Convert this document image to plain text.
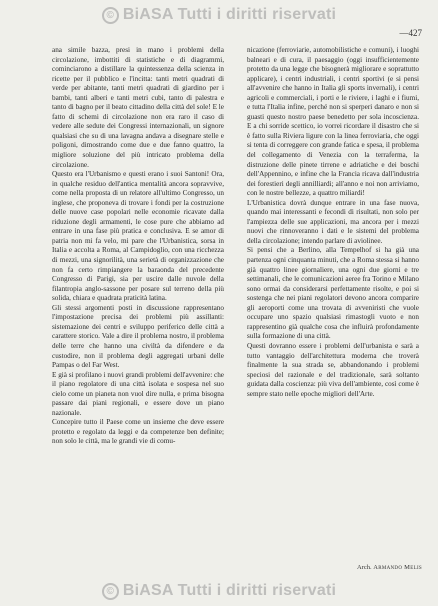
© BiASA Tutti i diritti riservati
—427

ana simile bazza, presi in mano i problemi della circolazione, imbottiti di statistiche e di diagrammi, cominciarono a distillare la quintessenza della scienza in ricette per il pubblico e l'incitta: tanti metri quadrati di verde per abitante, tanti metri quadrati di giardino per i bambi, tanti alberi e tanti metri cubi, tanto di palestra e tanto di bagno per il beato cittadino della città del sole! E le fatto di schemi di circolazione non era raro il caso di vedere alle sedute dei Congressi internazionali, un signore qualsiasi che su di una lavagna andava a disegnare stelle e poligoni, dimostrando come due e due fanno quattro, la migliore soluzione del più intricato problema della circolazione.

Questo era l'Urbanismo e questi erano i suoi Santoni! Ora, in qualche residuo dell'antica mentalità ancora sopravvive, come nella proposta di un relatore all'ultimo Congresso, un inglese, che proponeva di trovare i fondi per la costruzione delle nuove case popolari nelle economie ricavate dalla riduzione degli armamenti, le cose pure che abbiamo ad entrare in una fase più pratica e conclusiva. E se amor di patria non mi fa velo, mi pare che l'Urbanistica, sorsa in Italia e accolta a Roma, al Campidoglio, con una ricchezza di mezzi, una signorilità, una serietà di organizzazione che non fa certo rimpiangere la baraonda del precedente Congresso di Parigi, sia per uscire dalle nuvole della filantropia anglo-sassone per posare sul terreno della più solida, chiara e quadrata praticità latina.

Gli stessi argomenti posti in discussione rappresentano l'impostazione precisa dei problemi più assillanti: sistemazione dei centri e sviluppo periferico delle città a carattere storico. Vale a dire il problema nostro, il problema delle terre che hanno una civiltà da difendere e da custodire, non il problema degli aggregati urbani delle Pampas o del Far West.

E già si profilano i nuovi grandi problemi dell'avvenire: che il piano regolatore di una città isolata e sospesa nel suo cielo come un pianeta non vuol dire nulla, e prima bisogna passare dai piani regionali, e essere dove un piano nazionale.

Concepire tutto il Paese come un insieme che deve essere protetto e regolato da leggi e da competenze ben definite; non solo le città, ma le grandi vie di comu-

nicazione (ferroviarie, automobilistiche e comuni), i luoghi balneari e di cura, il paesaggio (oggi insufficientemente protetto da una legge che bisognerà migliorare e soprattutto applicare), i centri industriali, i centri sportivi (e si pensi all'avvenire che hanno in Italia gli sports invernali), i centri agricoli e commerciali, i porti e le riviere, i laghi e i fiumi, e tutta l'Italia infine, perché non si sperperi danaro e non si guasti questo nostro paese benedetto per sola incoscienza. E a chi sorride scettico, io vorrei ricordare il disastro che si è fatto sulla Riviera ligure con la linea ferroviaria, che oggi si tenta di correggere con grande fatica e spesa, il problema del collegamento di Venezia con la terraferma, la distruzione delle pinete tirrene e adriatiche e dei boschi dell'Appennino, e infine che la Francia ricava dall'industria dei forestieri degli annilliardi; all'anno e noi non arriviamo, con le nostre bellezze, a quattro miliardi!

L'Urbanistica dovrà dunque entrare in una fase nuova, quando mai interessanti e fecondi di risultati, non solo per l'ampiezza delle sue applicazioni, ma ancora per i mezzi nuovi che rinnoveranno i dati e le sistemi del problema della circolazione; intendo parlare di aviolinee.

Si pensi che a Berlino, alla Tempelhof si ha già una partenza ogni cinquanta minuti, che a Roma stessa si hanno già quattro linee giornaliere, una ogni due giorni e tre settimanali, che le comunicazioni aeree fra Torino e Milano sono ormai da considerarsi perfettamente risolte, e poi si sostenga che nei piani regolatori devono ancora comparire gli aeroporti come una trovata di avveniristi che vuole occupare uno spazio qualsiasi rimastogli vuoto e non rappresentino già qualche cosa che influirà profondamente sulla formazione di una città.

Questi dovranno essere i problemi dell'urbanista e sarà a tutto vantaggio dell'architettura moderna che troverà finalmente la sua strada se, abbandonando i problemi speciosi del razionale e del tradizionale, sarà soltanto guidata dalla coscienza: più viva dell'ambiente, così come è sempre stato nelle epoche migliori dell'Arte.

Arch. Armando Melis
© BiASA Tutti i diritti riservati
